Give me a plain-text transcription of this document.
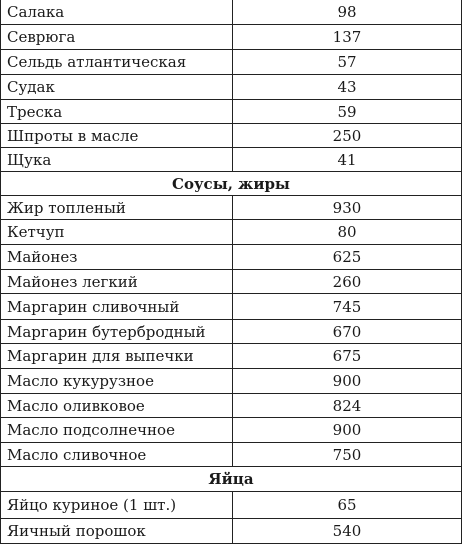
Салака	98
Севрюга	137
Сельдь атлантическая	57
Судак	43
Треска	59
Шпроты в масле	250
Щука	41
Соусы, жиры
Жир топленый	930
Кетчуп	80
Майонез	625
Майонез легкий	260
Маргарин сливочный	745
Маргарин бутербродный	670
Маргарин для выпечки	675
Масло кукурузное	900
Масло оливковое	824
Масло подсолнечное	900
Масло сливочное	750
Яйца
Яйцо куриное (1 шт.)	65
Яичный порошок	540
